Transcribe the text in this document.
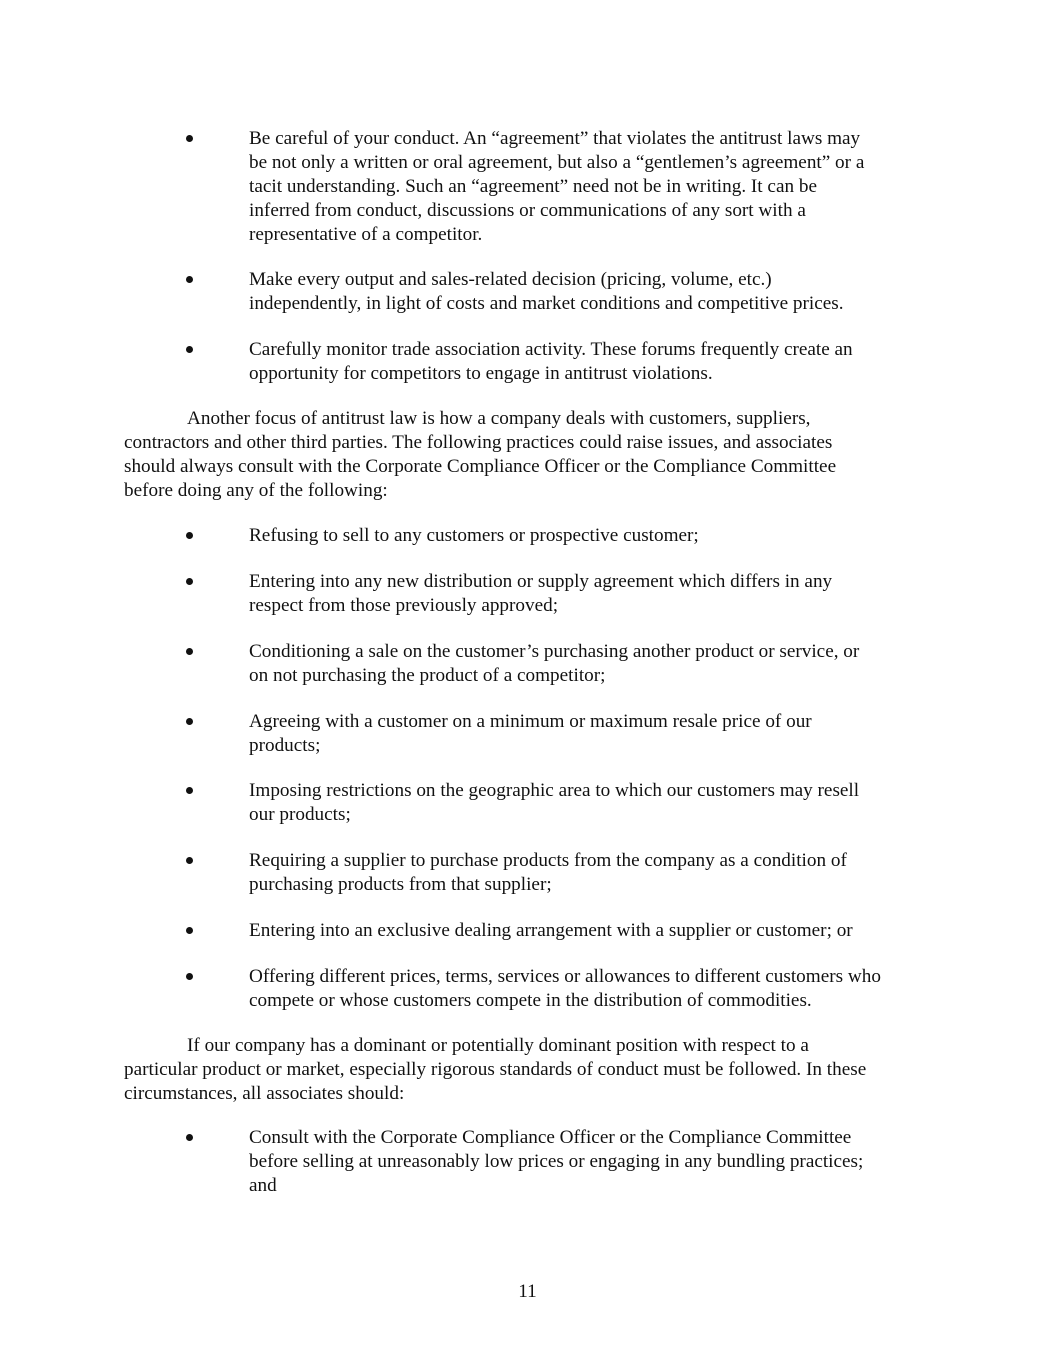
Be careful of your conduct. An “agreement” that violates the antitrust laws may
be not only a written or oral agreement, but also a “gentlemen’s agreement” or a
tacit understanding. Such an “agreement” need not be in writing. It can be
inferred from conduct, discussions or communications of any sort with a
representative of a competitor.
Make every output and sales-related decision (pricing, volume, etc.)
independently, in light of costs and market conditions and competitive prices.
Carefully monitor trade association activity. These forums frequently create an
opportunity for competitors to engage in antitrust violations.
Another focus of antitrust law is how a company deals with customers, suppliers,
contractors and other third parties. The following practices could raise issues, and associates
should always consult with the Corporate Compliance Officer or the Compliance Committee
before doing any of the following:
Refusing to sell to any customers or prospective customer;
Entering into any new distribution or supply agreement which differs in any
respect from those previously approved;
Conditioning a sale on the customer’s purchasing another product or service, or
on not purchasing the product of a competitor;
Agreeing with a customer on a minimum or maximum resale price of our
products;
Imposing restrictions on the geographic area to which our customers may resell
our products;
Requiring a supplier to purchase products from the company as a condition of
purchasing products from that supplier;
Entering into an exclusive dealing arrangement with a supplier or customer; or
Offering different prices, terms, services or allowances to different customers who
compete or whose customers compete in the distribution of commodities.
If our company has a dominant or potentially dominant position with respect to a
particular product or market, especially rigorous standards of conduct must be followed. In these
circumstances, all associates should:
Consult with the Corporate Compliance Officer or the Compliance Committee
before selling at unreasonably low prices or engaging in any bundling practices;
and
11
